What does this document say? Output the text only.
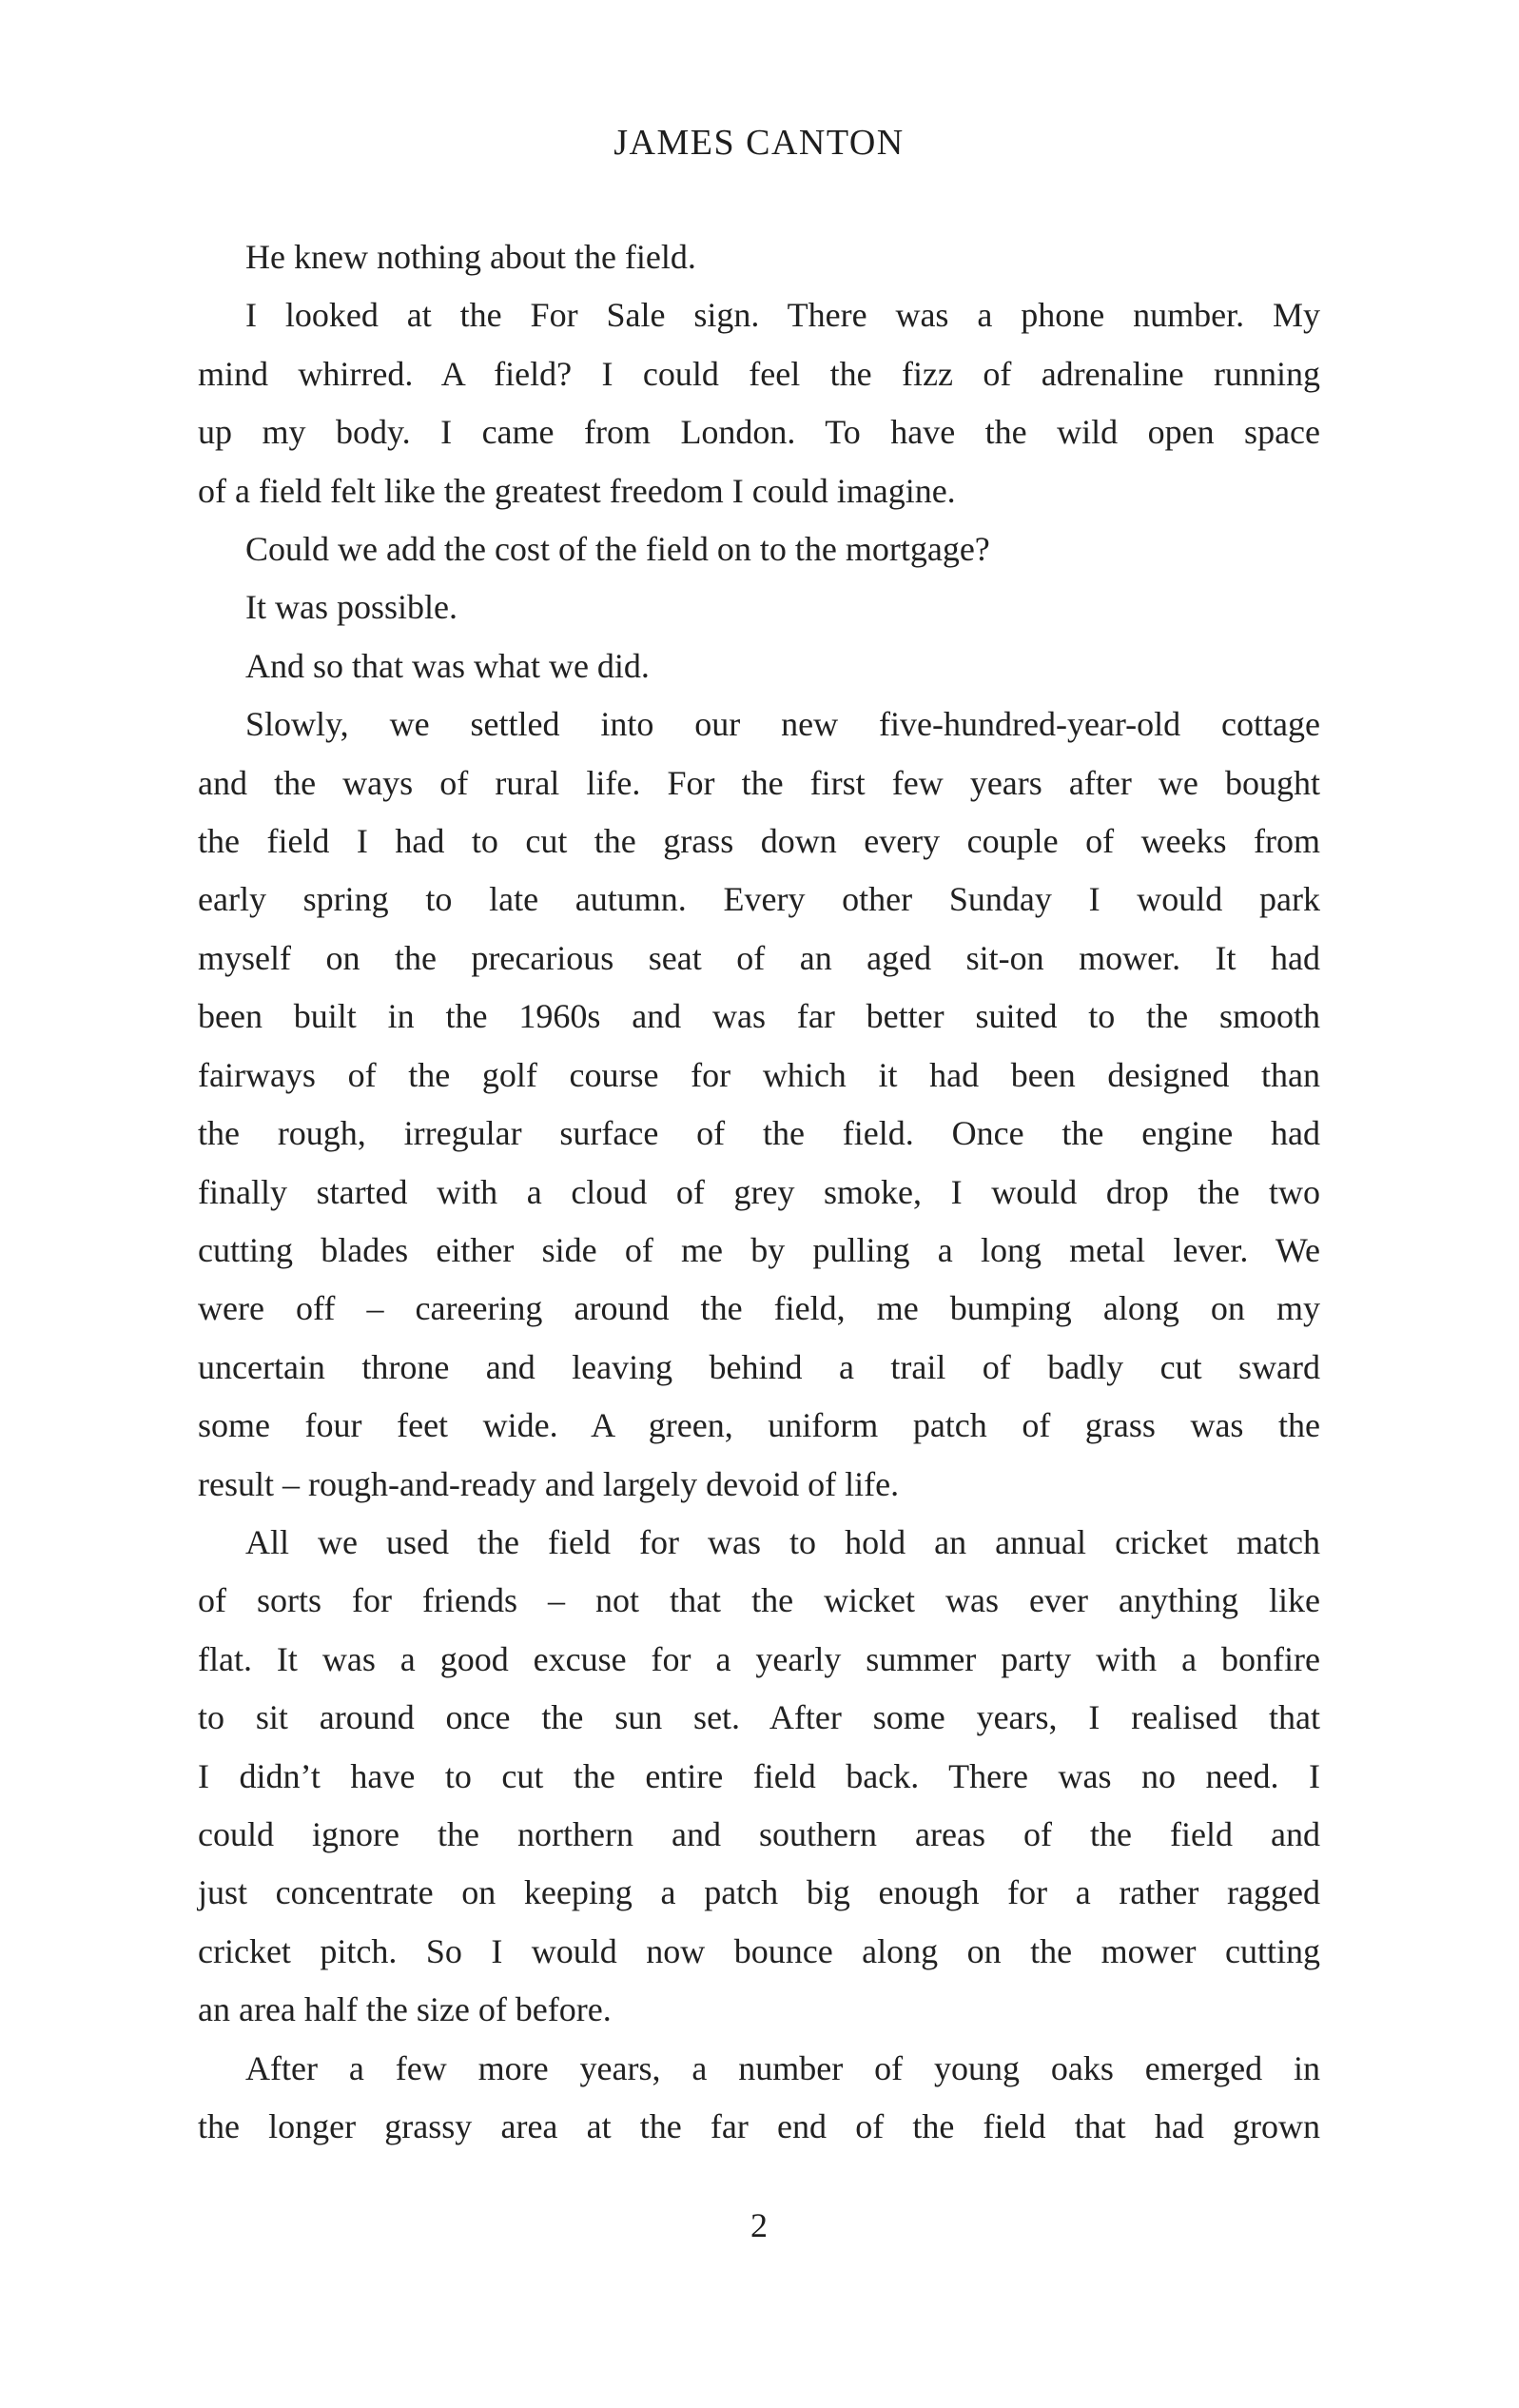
JAMES CANTON
He knew nothing about the field.
I looked at the For Sale sign. There was a phone number. My
mind whirred. A field? I could feel the fizz of adrenaline running
up my body. I came from London. To have the wild open space
of a field felt like the greatest freedom I could imagine.
Could we add the cost of the field on to the mortgage?
It was possible.
And so that was what we did.
Slowly, we settled into our new five-hundred-year-old cottage
and the ways of rural life. For the first few years after we bought
the field I had to cut the grass down every couple of weeks from
early spring to late autumn. Every other Sunday I would park
myself on the precarious seat of an aged sit-on mower. It had
been built in the 1960s and was far better suited to the smooth
fairways of the golf course for which it had been designed than
the rough, irregular surface of the field. Once the engine had
finally started with a cloud of grey smoke, I would drop the two
cutting blades either side of me by pulling a long metal lever. We
were off – careering around the field, me bumping along on my
uncertain throne and leaving behind a trail of badly cut sward
some four feet wide. A green, uniform patch of grass was the
result – rough-and-ready and largely devoid of life.
All we used the field for was to hold an annual cricket match
of sorts for friends – not that the wicket was ever anything like
flat. It was a good excuse for a yearly summer party with a bonfire
to sit around once the sun set. After some years, I realised that
I didn’t have to cut the entire field back. There was no need. I
could ignore the northern and southern areas of the field and
just concentrate on keeping a patch big enough for a rather ragged
cricket pitch. So I would now bounce along on the mower cutting
an area half the size of before.
After a few more years, a number of young oaks emerged in
the longer grassy area at the far end of the field that had grown
2
